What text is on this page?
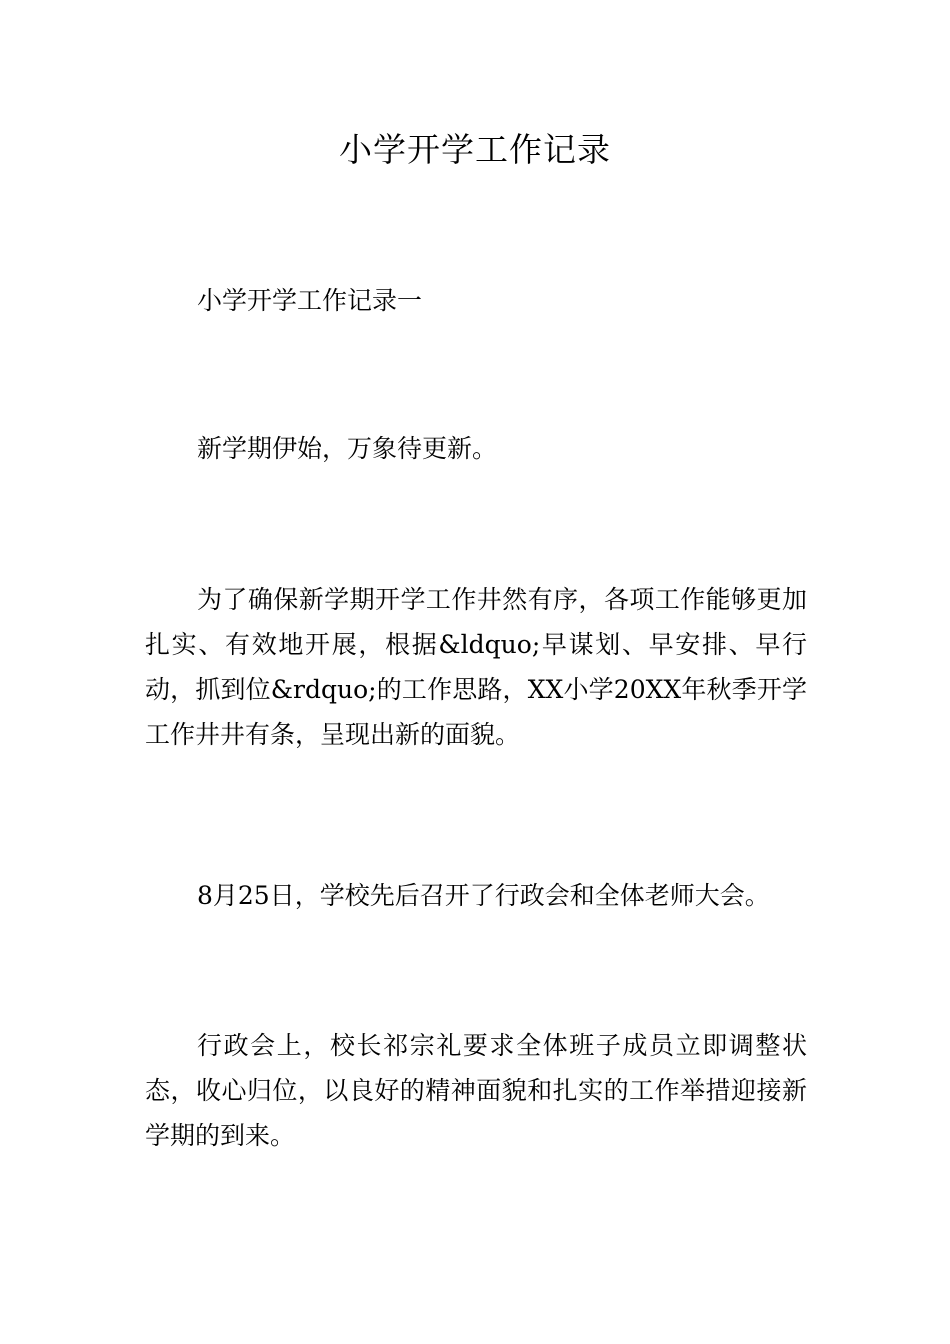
小学开学工作记录

小学开学工作记录一

新学期伊始，万象待更新。

为了确保新学期开学工作井然有序，各项工作能够更加扎实、有效地开展，根据&ldquo;早谋划、早安排、早行动，抓到位&rdquo;的工作思路，XX小学20XX年秋季开学工作井井有条，呈现出新的面貌。

8月25日，学校先后召开了行政会和全体老师大会。

行政会上，校长祁宗礼要求全体班子成员立即调整状态，收心归位，以良好的精神面貌和扎实的工作举措迎接新学期的到来。
